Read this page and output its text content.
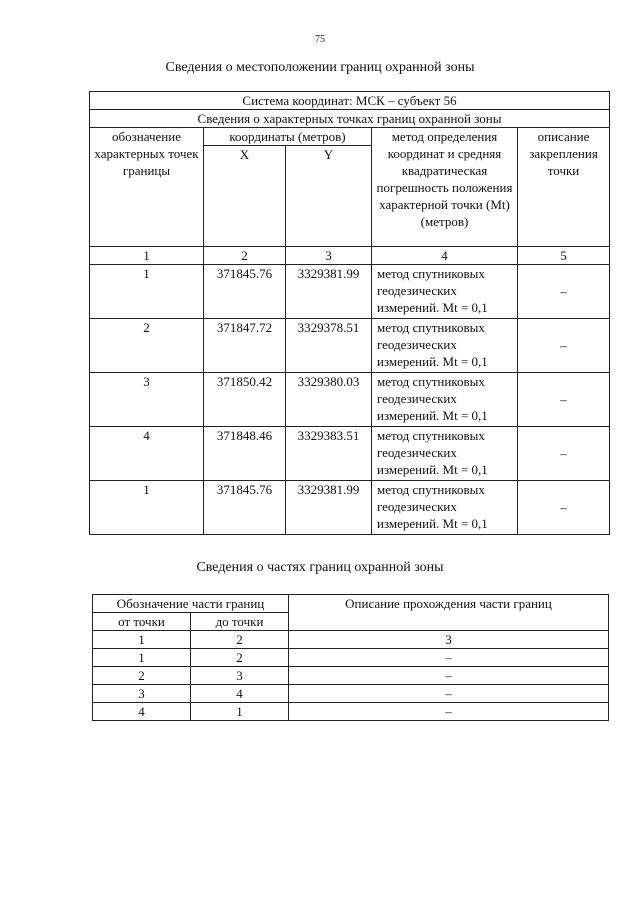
75
Сведения о местоположении границ охранной зоны
Система координат: МСК – субъект 56				
Сведения о характерных точках границ охранной зоны				
обозначение характерных точек границы	координаты (метров)		метод определения координат и средняя квадратическая погрешность положения характерной точки (Mt) (метров)	описание закрепления точки
	X	Y		
1	2	3	4	5
1	371845.76	3329381.99	метод спутниковых геодезических измерений. Mt = 0,1	–
2	371847.72	3329378.51	метод спутниковых геодезических измерений. Mt = 0,1	–
3	371850.42	3329380.03	метод спутниковых геодезических измерений. Mt = 0,1	–
4	371848.46	3329383.51	метод спутниковых геодезических измерений. Mt = 0,1	–
1	371845.76	3329381.99	метод спутниковых геодезических измерений. Mt = 0,1	–
Сведения о частях границ охранной зоны
Обозначение части границ		Описание прохождения части границ
от точки	до точки	
1	2	3
1	2	–
2	3	–
3	4	–
4	1	–
